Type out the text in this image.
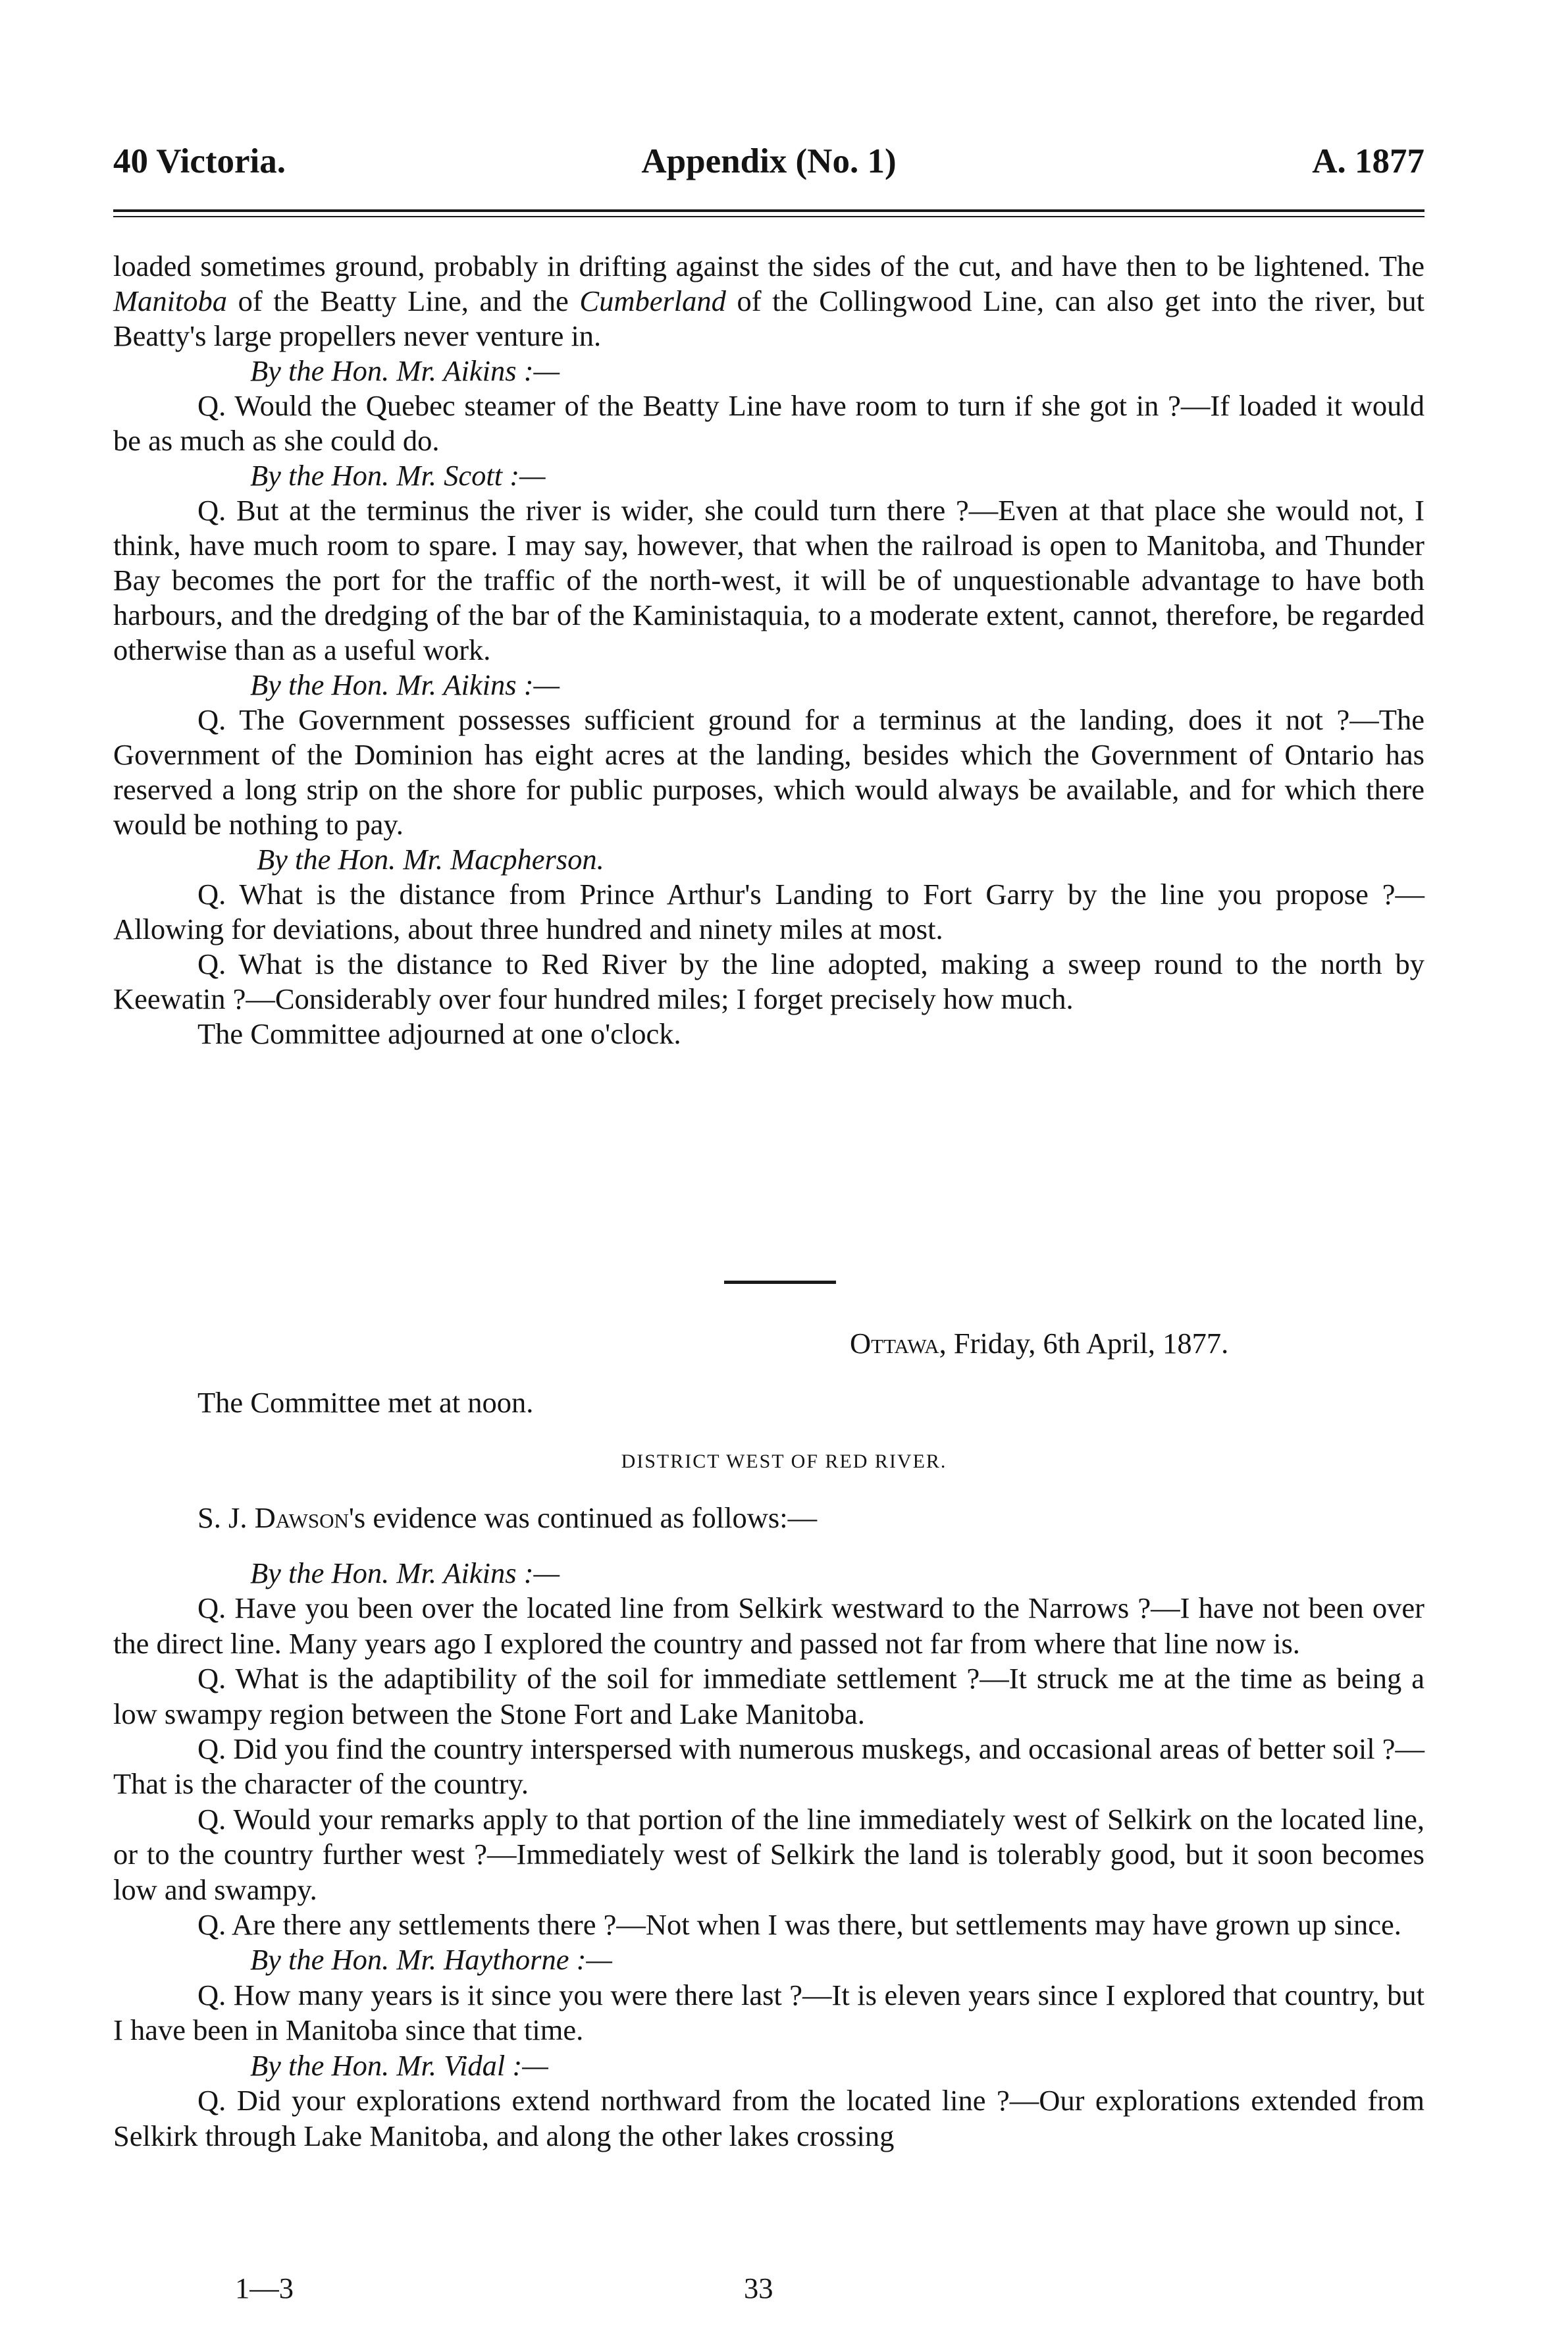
40 Victoria.	Appendix (No. 1)	A. 1877

loaded sometimes ground, probably in drifting against the sides of the cut, and have then to be lightened. The Manitoba of the Beatty Line, and the Cumberland of the Collingwood Line, can also get into the river, but Beatty's large propellers never venture in.

By the Hon. Mr. Aikins :—

Q. Would the Quebec steamer of the Beatty Line have room to turn if she got in ?—If loaded it would be as much as she could do.

By the Hon. Mr. Scott :—

Q. But at the terminus the river is wider, she could turn there ?—Even at that place she would not, I think, have much room to spare. I may say, however, that when the railroad is open to Manitoba, and Thunder Bay becomes the port for the traffic of the north-west, it will be of unquestionable advantage to have both harbours, and the dredging of the bar of the Kaministaquia, to a moderate extent, cannot, therefore, be regarded otherwise than as a useful work.

By the Hon. Mr. Aikins :—

Q. The Government possesses sufficient ground for a terminus at the landing, does it not ?—The Government of the Dominion has eight acres at the landing, besides which the Government of Ontario has reserved a long strip on the shore for public purposes, which would always be available, and for which there would be nothing to pay.

By the Hon. Mr. Macpherson.

Q. What is the distance from Prince Arthur's Landing to Fort Garry by the line you propose ?—Allowing for deviations, about three hundred and ninety miles at most.

Q. What is the distance to Red River by the line adopted, making a sweep round to the north by Keewatin ?—Considerably over four hundred miles; I forget precisely how much.

The Committee adjourned at one o'clock.

Ottawa, Friday, 6th April, 1877.
The Committee met at noon.
DISTRICT WEST OF RED RIVER.
S. J. Dawson's evidence was continued as follows:—

By the Hon. Mr. Aikins :—

Q. Have you been over the located line from Selkirk westward to the Narrows ?—I have not been over the direct line. Many years ago I explored the country and passed not far from where that line now is.

Q. What is the adaptibility of the soil for immediate settlement ?—It struck me at the time as being a low swampy region between the Stone Fort and Lake Manitoba.

Q. Did you find the country interspersed with numerous muskegs, and occasional areas of better soil ?—That is the character of the country.

Q. Would your remarks apply to that portion of the line immediately west of Selkirk on the located line, or to the country further west ?—Immediately west of Selkirk the land is tolerably good, but it soon becomes low and swampy.

Q. Are there any settlements there ?—Not when I was there, but settlements may have grown up since.

By the Hon. Mr. Haythorne :—

Q. How many years is it since you were there last ?—It is eleven years since I explored that country, but I have been in Manitoba since that time.

By the Hon. Mr. Vidal :—

Q. Did your explorations extend northward from the located line ?—Our explorations extended from Selkirk through Lake Manitoba, and along the other lakes crossing

1—3	33
